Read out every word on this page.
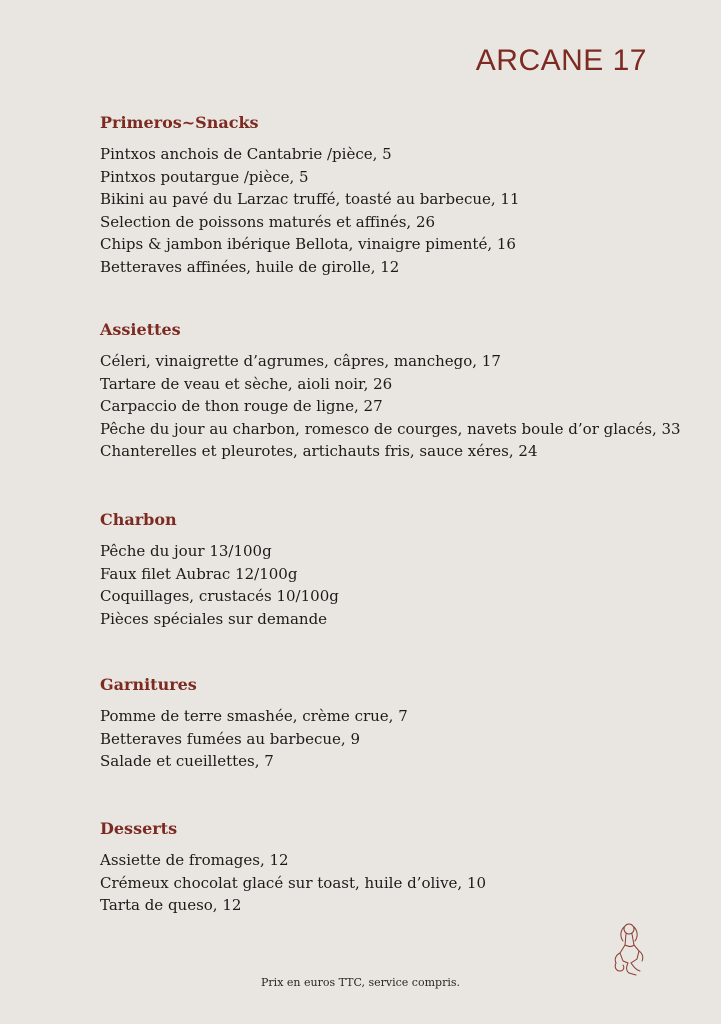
ARCANE 17
Primeros~Snacks
Pintxos anchois de Cantabrie /pièce, 5
Pintxos poutargue /pièce, 5
Bikini au pavé du Larzac truffé, toasté au barbecue, 11
Selection de poissons maturés et affinés, 26
Chips & jambon ibérique Bellota, vinaigre pimenté, 16
Betteraves affinées, huile de girolle, 12
Assiettes
Céleri, vinaigrette d’agrumes, câpres, manchego, 17
Tartare de veau et sèche, aioli noir, 26
Carpaccio de thon rouge de ligne, 27
Pêche du jour au charbon, romesco de courges, navets boule d’or glacés, 33
Chanterelles et pleurotes, artichauts fris, sauce xéres, 24
Charbon
Pêche du jour 13/100g
Faux filet Aubrac 12/100g
Coquillages, crustacés 10/100g
Pièces spéciales sur demande
Garnitures
Pomme de terre smashée, crème crue, 7
Betteraves fumées au barbecue, 9
Salade et cueillettes, 7
Desserts
Assiette de fromages, 12
Crémeux chocolat glacé sur toast, huile d’olive, 10
Tarta de queso, 12
Prix en euros TTC, service compris.
